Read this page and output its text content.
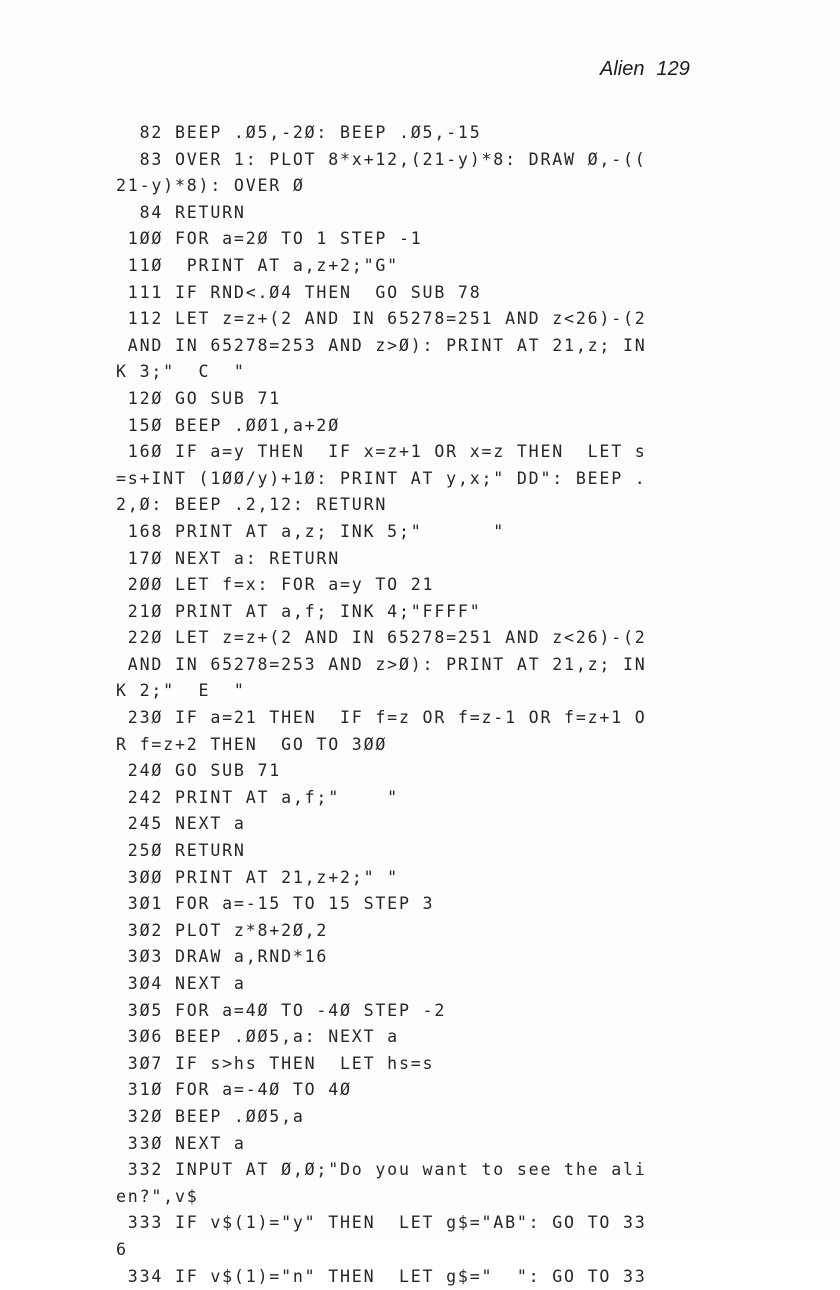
Alien 129
82 BEEP .Ø5,-2Ø: BEEP .Ø5,-15
83 OVER 1: PLOT 8*x+12,(21-y)*8: DRAW Ø,-((
21-y)*8): OVER Ø
84 RETURN
1ØØ FOR a=2Ø TO 1 STEP -1
11Ø  PRINT AT a,z+2;"G"
111 IF RND<.Ø4 THEN  GO SUB 78
112 LET z=z+(2 AND IN 65278=251 AND z<26)-(2
AND IN 65278=253 AND z>Ø): PRINT AT 21,z; IN
K 3;"  C  "
12Ø GO SUB 71
15Ø BEEP .ØØ1,a+2Ø
16Ø IF a=y THEN  IF x=z+1 OR x=z THEN  LET s
=s+INT (1ØØ/y)+1Ø: PRINT AT y,x;" DD": BEEP .
2,Ø: BEEP .2,12: RETURN
168 PRINT AT a,z; INK 5;"      "
17Ø NEXT a: RETURN
2ØØ LET f=x: FOR a=y TO 21
21Ø PRINT AT a,f; INK 4;"FFFF"
22Ø LET z=z+(2 AND IN 65278=251 AND z<26)-(2
AND IN 65278=253 AND z>Ø): PRINT AT 21,z; IN
K 2;"  E  "
23Ø IF a=21 THEN  IF f=z OR f=z-1 OR f=z+1 O
R f=z+2 THEN  GO TO 3ØØ
24Ø GO SUB 71
242 PRINT AT a,f;"    "
245 NEXT a
25Ø RETURN
3ØØ PRINT AT 21,z+2;" "
3Ø1 FOR a=-15 TO 15 STEP 3
3Ø2 PLOT z*8+2Ø,2
3Ø3 DRAW a,RND*16
3Ø4 NEXT a
3Ø5 FOR a=4Ø TO -4Ø STEP -2
3Ø6 BEEP .ØØ5,a: NEXT a
3Ø7 IF s>hs THEN  LET hs=s
31Ø FOR a=-4Ø TO 4Ø
32Ø BEEP .ØØ5,a
33Ø NEXT a
332 INPUT AT Ø,Ø;"Do you want to see the ali
en?",v$
333 IF v$(1)="y" THEN  LET g$="AB": GO TO 33
6
334 IF v$(1)="n" THEN  LET g$="  ": GO TO 33
